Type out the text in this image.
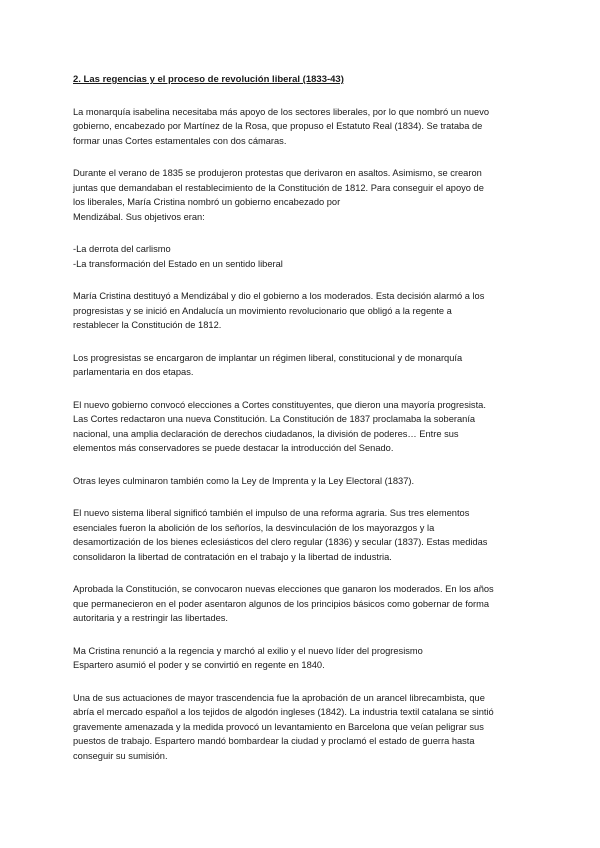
2. Las regencias y el proceso de revolución liberal (1833-43)
La monarquía isabelina necesitaba más apoyo de los sectores liberales, por lo que nombró un nuevo
gobierno, encabezado por Martínez de la Rosa, que propuso el Estatuto Real (1834). Se trataba de
formar unas Cortes estamentales con dos cámaras.
Durante el verano de 1835 se produjeron protestas que derivaron en asaltos. Asimismo, se crearon
juntas que demandaban el restablecimiento de la Constitución de 1812. Para conseguir el apoyo de
los liberales, María Cristina nombró un gobierno encabezado por
Mendizábal. Sus objetivos eran:
-La derrota del carlismo
-La transformación del Estado en un sentido liberal
María Cristina destituyó a Mendizábal y dio el gobierno a los moderados. Esta decisión alarmó a los
progresistas y se inició en Andalucía un movimiento revolucionario que obligó a la regente a
restablecer la Constitución de 1812.
Los progresistas se encargaron de implantar un régimen liberal, constitucional y de monarquía
parlamentaria en dos etapas.
El nuevo gobierno convocó elecciones a Cortes constituyentes, que dieron una mayoría progresista.
Las Cortes redactaron una nueva Constitución. La Constitución de 1837 proclamaba la soberanía
nacional, una amplia declaración de derechos ciudadanos, la división de poderes… Entre sus
elementos más conservadores se puede destacar la introducción del Senado.
Otras leyes culminaron también como la Ley de Imprenta y la Ley Electoral (1837).
El nuevo sistema liberal significó también el impulso de una reforma agraria. Sus tres elementos
esenciales fueron la abolición de los señoríos, la desvinculación de los mayorazgos y la
desamortización de los bienes eclesiásticos del clero regular (1836) y secular (1837). Estas medidas
consolidaron la libertad de contratación en el trabajo y la libertad de industria.
Aprobada la Constitución, se convocaron nuevas elecciones que ganaron los moderados. En los años
que permanecieron en el poder asentaron algunos de los principios básicos como gobernar de forma
autoritaria y a restringir las libertades.
Ma Cristina renunció a la regencia y marchó al exilio y el nuevo líder del progresismo
Espartero asumió el poder y se convirtió en regente en 1840.
Una de sus actuaciones de mayor trascendencia fue la aprobación de un arancel librecambista, que
abría el mercado español a los tejidos de algodón ingleses (1842). La industria textil catalana se sintió
gravemente amenazada y la medida provocó un levantamiento en Barcelona que veían peligrar sus
puestos de trabajo. Espartero mandó bombardear la ciudad y proclamó el estado de guerra hasta
conseguir su sumisión.
